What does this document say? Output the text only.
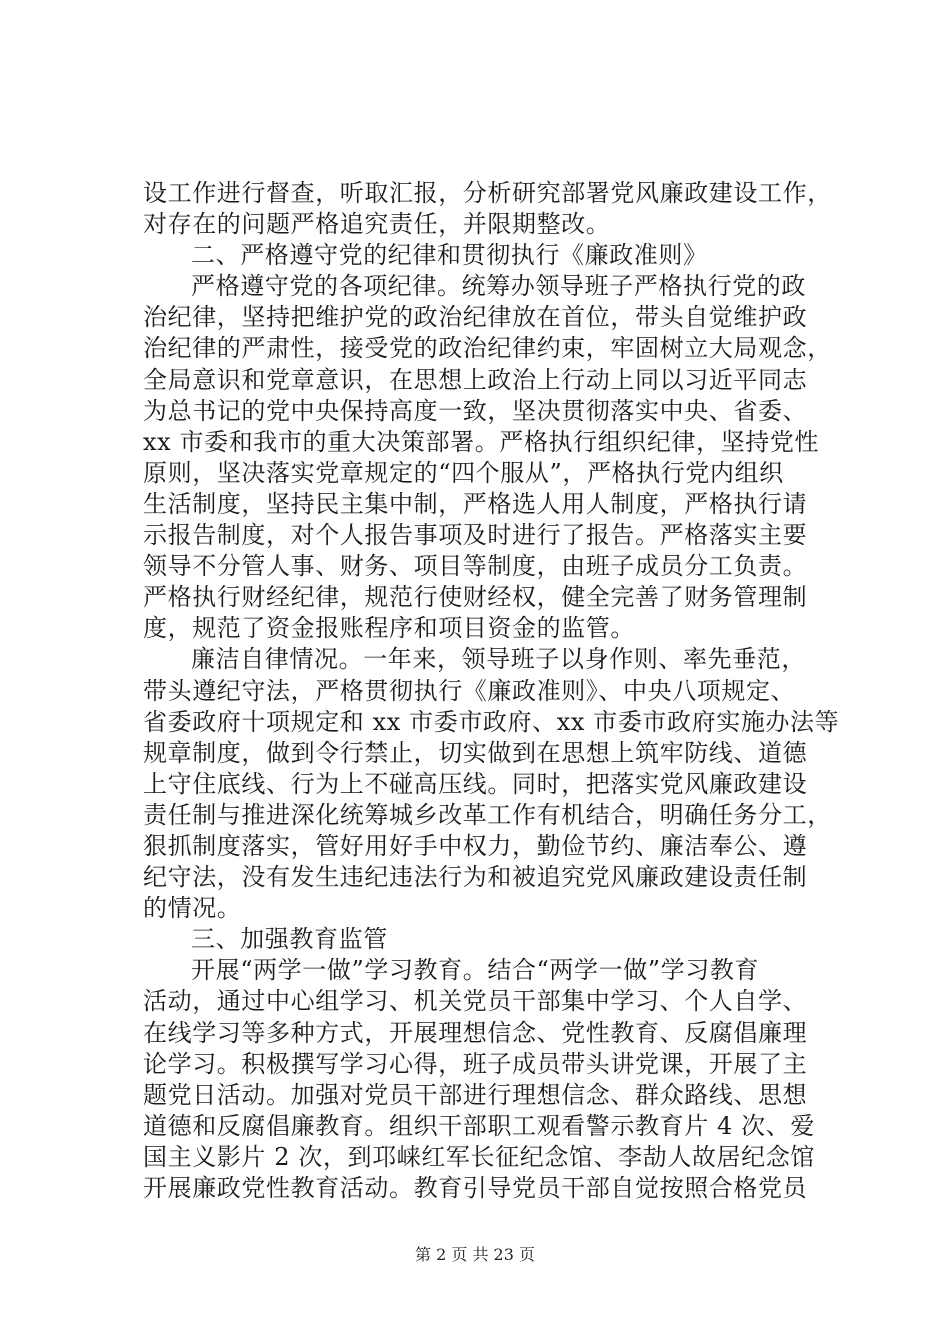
设工作进行督查，听取汇报，分析研究部署党风廉政建设工作，
对存在的问题严格追究责任，并限期整改。
二、严格遵守党的纪律和贯彻执行《廉政准则》
严格遵守党的各项纪律。统筹办领导班子严格执行党的政
治纪律，坚持把维护党的政治纪律放在首位，带头自觉维护政
治纪律的严肃性，接受党的政治纪律约束，牢固树立大局观念，
全局意识和党章意识，在思想上政治上行动上同以习近平同志
为总书记的党中央保持高度一致，坚决贯彻落实中央、省委、
xx 市委和我市的重大决策部署。严格执行组织纪律，坚持党性
原则，坚决落实党章规定的“四个服从”，严格执行党内组织
生活制度，坚持民主集中制，严格选人用人制度，严格执行请
示报告制度，对个人报告事项及时进行了报告。严格落实主要
领导不分管人事、财务、项目等制度，由班子成员分工负责。
严格执行财经纪律，规范行使财经权，健全完善了财务管理制
度，规范了资金报账程序和项目资金的监管。
廉洁自律情况。一年来，领导班子以身作则、率先垂范，
带头遵纪守法，严格贯彻执行《廉政准则》、中央八项规定、
省委政府十项规定和 xx 市委市政府、xx 市委市政府实施办法等
规章制度，做到令行禁止，切实做到在思想上筑牢防线、道德
上守住底线、行为上不碰高压线。同时，把落实党风廉政建设
责任制与推进深化统筹城乡改革工作有机结合，明确任务分工，
狠抓制度落实，管好用好手中权力，勤俭节约、廉洁奉公、遵
纪守法，没有发生违纪违法行为和被追究党风廉政建设责任制
的情况。
三、加强教育监管
开展“两学一做”学习教育。结合“两学一做”学习教育
活动，通过中心组学习、机关党员干部集中学习、个人自学、
在线学习等多种方式，开展理想信念、党性教育、反腐倡廉理
论学习。积极撰写学习心得，班子成员带头讲党课，开展了主
题党日活动。加强对党员干部进行理想信念、群众路线、思想
道德和反腐倡廉教育。组织干部职工观看警示教育片 4 次、爱
国主义影片 2 次，到邛崃红军长征纪念馆、李劼人故居纪念馆
开展廉政党性教育活动。教育引导党员干部自觉按照合格党员
第 2 页 共 23 页
